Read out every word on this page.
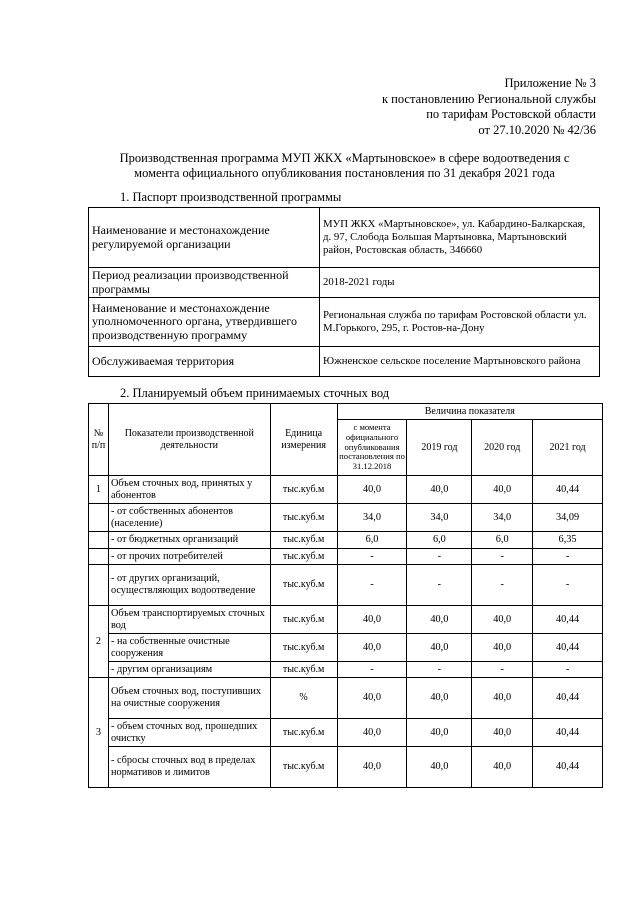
Приложение № 3
к постановлению Региональной службы
по тарифам Ростовской области
от 27.10.2020 № 42/36
Производственная программа МУП ЖКХ «Мартыновское» в сфере водоотведения с
момента официального опубликования постановления по 31 декабря 2021 года
1. Паспорт производственной программы
Наименование и местонахождение регулируемой организации	МУП ЖКХ «Мартыновское», ул. Кабардино-Балкарская, д. 97, Слобода Большая Мартыновка, Мартыновский район, Ростовская область, 346660
Период реализации производственной программы	2018-2021 годы
Наименование и местонахождение уполномоченного органа, утвердившего производственную программу	Региональная служба по тарифам Ростовской области ул. М.Горького, 295, г. Ростов-на-Дону
Обслуживаемая территория	Южненское сельское поселение Мартыновского района
2. Планируемый объем принимаемых сточных вод
№ п/п	Показатели производственной деятельности	Единица измерения	Величина показателя			
			с момента официального опубликования постановления по 31.12.2018	2019 год	2020 год	2021 год
1	Объем сточных вод, принятых у абонентов	тыс.куб.м	40,0	40,0	40,0	40,44
	- от собственных абонентов (население)	тыс.куб.м	34,0	34,0	34,0	34,09
	- от бюджетных организаций	тыс.куб.м	6,0	6,0	6,0	6,35
	- от прочих потребителей	тыс.куб.м	-	-	-	-
	- от других организаций, осуществляющих водоотведение	тыс.куб.м	-	-	-	-
2	Объем транспортируемых сточных вод	тыс.куб.м	40,0	40,0	40,0	40,44
	- на собственные очистные сооружения	тыс.куб.м	40,0	40,0	40,0	40,44
	- другим организациям	тыс.куб.м	-	-	-	-
3	Объем сточных вод, поступивших на очистные сооружения	%	40,0	40,0	40,0	40,44
	- объем сточных вод, прошедших очистку	тыс.куб.м	40,0	40,0	40,0	40,44
	- сбросы сточных вод в пределах нормативов и лимитов	тыс.куб.м	40,0	40,0	40,0	40,44
